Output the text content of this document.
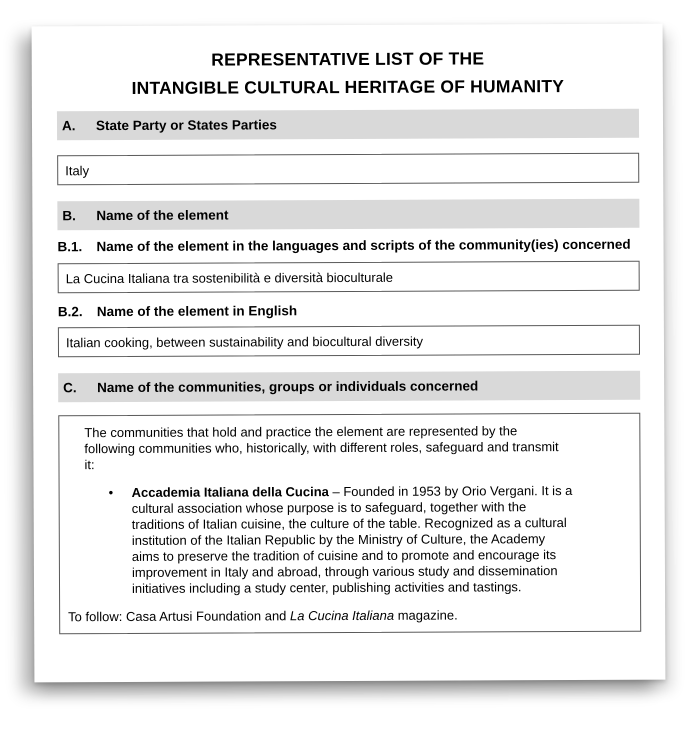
REPRESENTATIVE LIST OF THE
INTANGIBLE CULTURAL HERITAGE OF HUMANITY
A.	State Party or States Parties
Italy
B.	Name of the element
B.1. Name of the element in the languages and scripts of the community(ies) concerned
La Cucina Italiana tra sostenibilità e diversità bioculturale
B.2. Name of the element in English
Italian cooking, between sustainability and biocultural diversity
C.	Name of the communities, groups or individuals concerned
The communities that hold and practice the element are represented by the
following communities who, historically, with different roles, safeguard and transmit
it:
•
Accademia Italiana della Cucina – Founded in 1953 by Orio Vergani. It is a
cultural association whose purpose is to safeguard, together with the
traditions of Italian cuisine, the culture of the table. Recognized as a cultural
institution of the Italian Republic by the Ministry of Culture, the Academy
aims to preserve the tradition of cuisine and to promote and encourage its
improvement in Italy and abroad, through various study and dissemination
initiatives including a study center, publishing activities and tastings.
To follow: Casa Artusi Foundation and La Cucina Italiana magazine.
